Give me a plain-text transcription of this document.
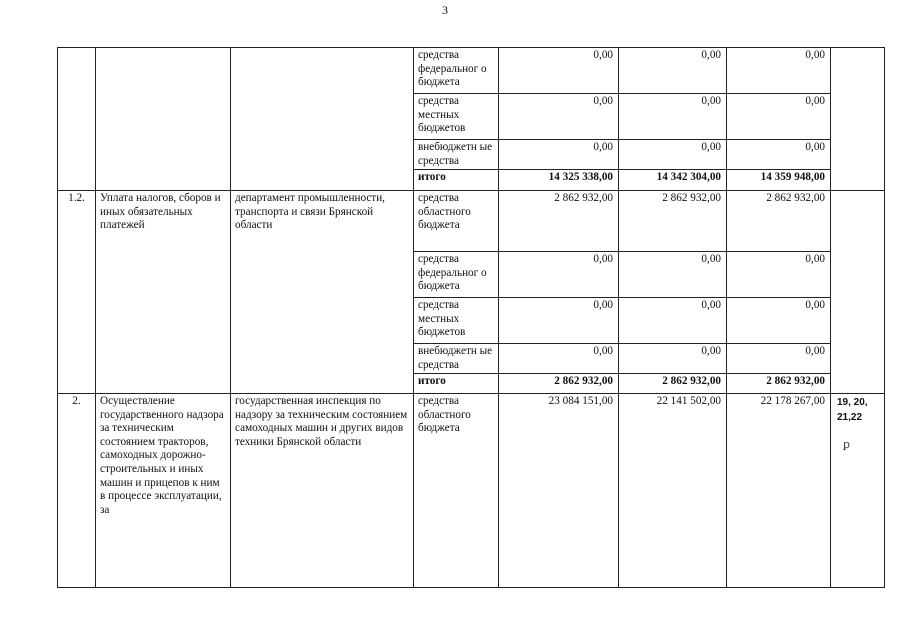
3
			средства федеральног о бюджета	0,00	0,00	0,00	
			средства местных бюджетов	0,00	0,00	0,00	
			внебюджетн ые средства	0,00	0,00	0,00	
			итого	14 325 338,00	14 342 304,00	14 359 948,00	
1.2.	Уплата налогов, сборов и иных обязательных платежей	департамент промышленности, транспорта и связи Брянской области	средства областного бюджета	2 862 932,00	2 862 932,00	2 862 932,00	
			средства федеральног о бюджета	0,00	0,00	0,00	
			средства местных бюджетов	0,00	0,00	0,00	
			внебюджетн ые средства	0,00	0,00	0,00	
			итого	2 862 932,00	2 862 932,00	2 862 932,00	
2.	Осуществление государственного надзора за техническим состоянием тракторов, самоходных дорожно-строительных и иных машин и прицепов к ним в процессе эксплуатации, за	государственная инспекция по надзору за техническим состоянием самоходных машин и других видов техники Брянской области	средства областного бюджета	23 084 151,00	22 141 502,00	22 178 267,00	19, 20, 21,22
ꝑ
